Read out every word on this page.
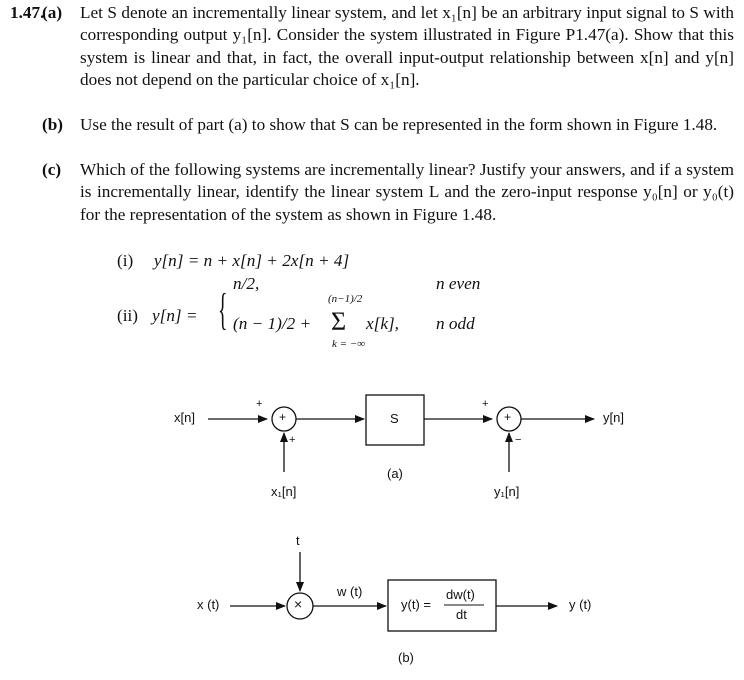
1.47.
(a) Let S denote an incrementally linear system, and let x₁[n] be an arbitrary input signal to S with corresponding output y₁[n]. Consider the system illustrated in Figure P1.47(a). Show that this system is linear and that, in fact, the overall input-output relationship between x[n] and y[n] does not depend on the particular choice of x₁[n].
(b) Use the result of part (a) to show that S can be represented in the form shown in Figure 1.48.
(c) Which of the following systems are incrementally linear? Justify your answers, and if a system is incrementally linear, identify the linear system L and the zero-input response y₀[n] or y₀(t) for the representation of the system as shown in Figure 1.48.
(i) y[n] = n + x[n] + 2x[n + 4]
(ii) y[n] = {
n/2,	n even
(n − 1)/2 +
(n−1)/2
Σ
k = −∞
x[k], n odd
x[n]
+
+
+
x₁[n]
S
(a)
+
+
−
y₁[n]
y[n]
t
x (t)	×
w (t)
y(t) =
dw(t)
dt
y (t)
(b)
